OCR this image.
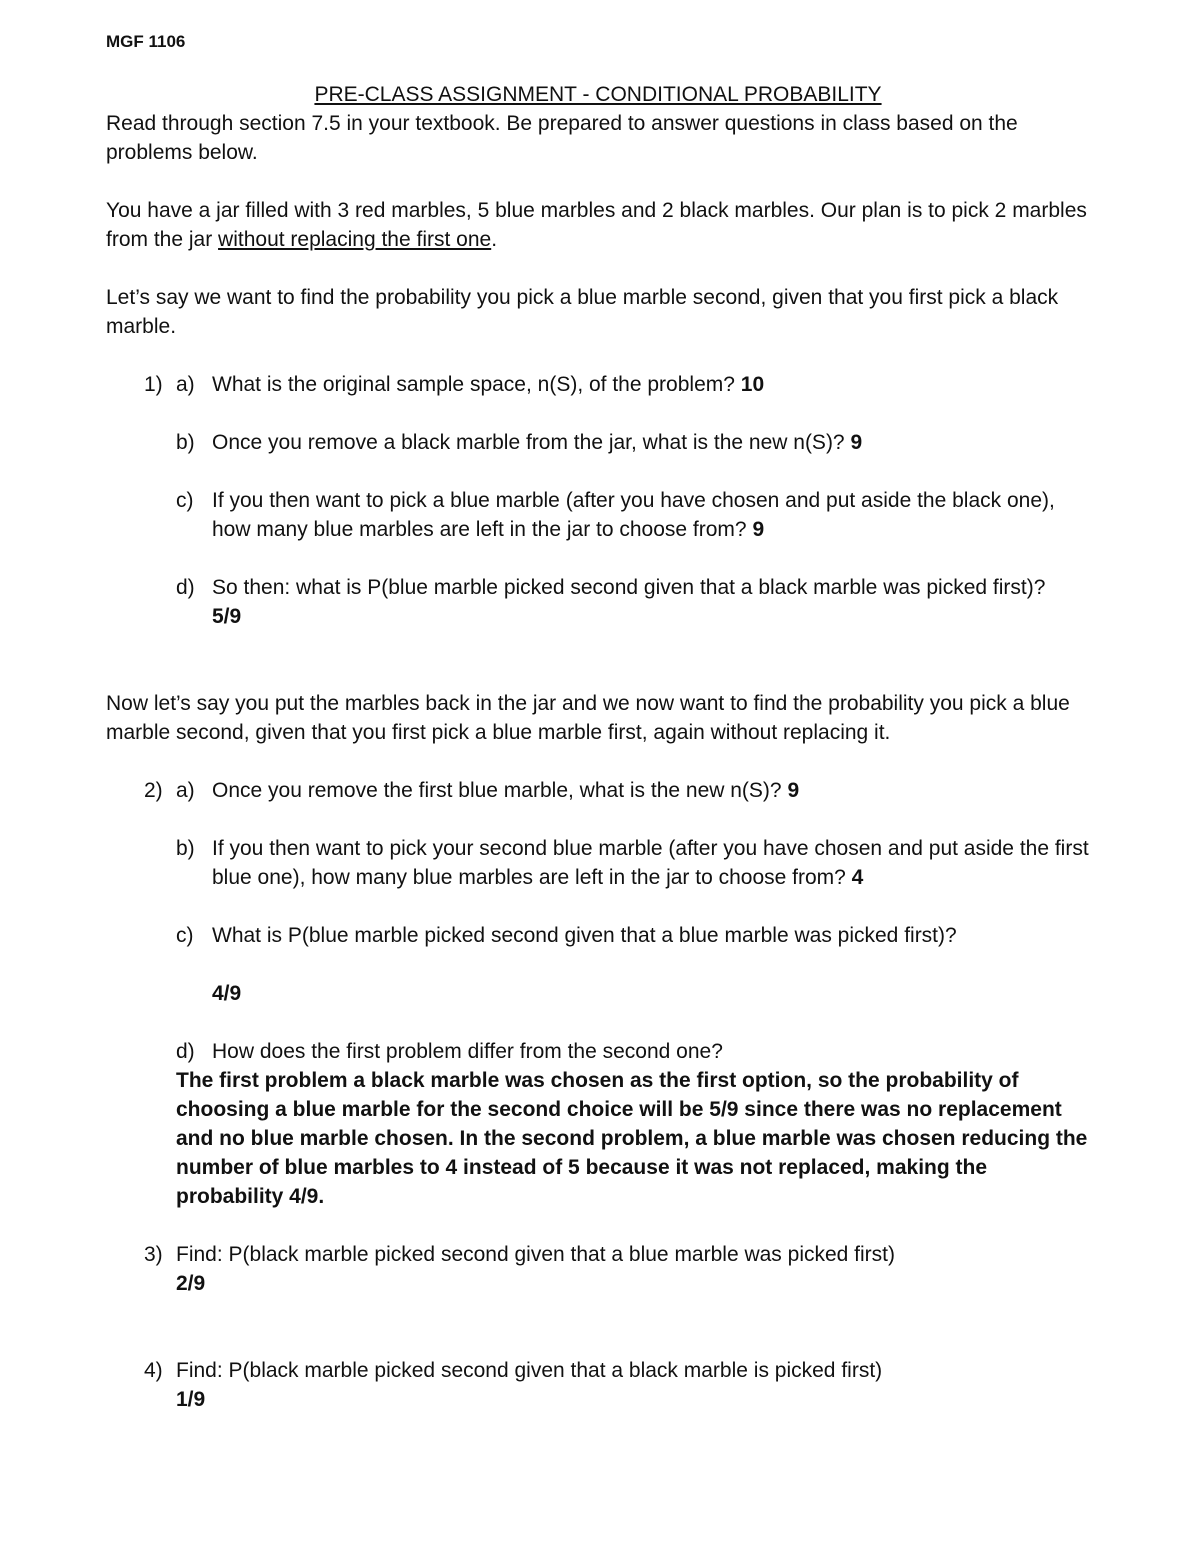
MGF 1106
PRE-CLASS ASSIGNMENT - CONDITIONAL PROBABILITY

Read through section 7.5 in your textbook. Be prepared to answer questions in class based on the problems below.

You have a jar filled with 3 red marbles, 5 blue marbles and 2 black marbles. Our plan is to pick 2 marbles from the jar without replacing the first one.

Let’s say we want to find the probability you pick a blue marble second, given that you first pick a black marble.

1) a) What is the original sample space, n(S), of the problem? 10
b) Once you remove a black marble from the jar, what is the new n(S)? 9
c) If you then want to pick a blue marble (after you have chosen and put aside the black one), how many blue marbles are left in the jar to choose from? 9
d) So then: what is P(blue marble picked second given that a black marble was picked first)?
5/9

Now let’s say you put the marbles back in the jar and we now want to find the probability you pick a blue marble second, given that you first pick a blue marble first, again without replacing it.

2) a) Once you remove the first blue marble, what is the new n(S)? 9
b) If you then want to pick your second blue marble (after you have chosen and put aside the first blue one), how many blue marbles are left in the jar to choose from? 4
c) What is P(blue marble picked second given that a blue marble was picked first)?
4/9
d) How does the first problem differ from the second one?
The first problem a black marble was chosen as the first option, so the probability of choosing a blue marble for the second choice will be 5/9 since there was no replacement and no blue marble chosen. In the second problem, a blue marble was chosen reducing the number of blue marbles to 4 instead of 5 because it was not replaced, making the probability 4/9.
3) Find: P(black marble picked second given that a blue marble was picked first)
2/9
4) Find: P(black marble picked second given that a black marble is picked first)
1/9
